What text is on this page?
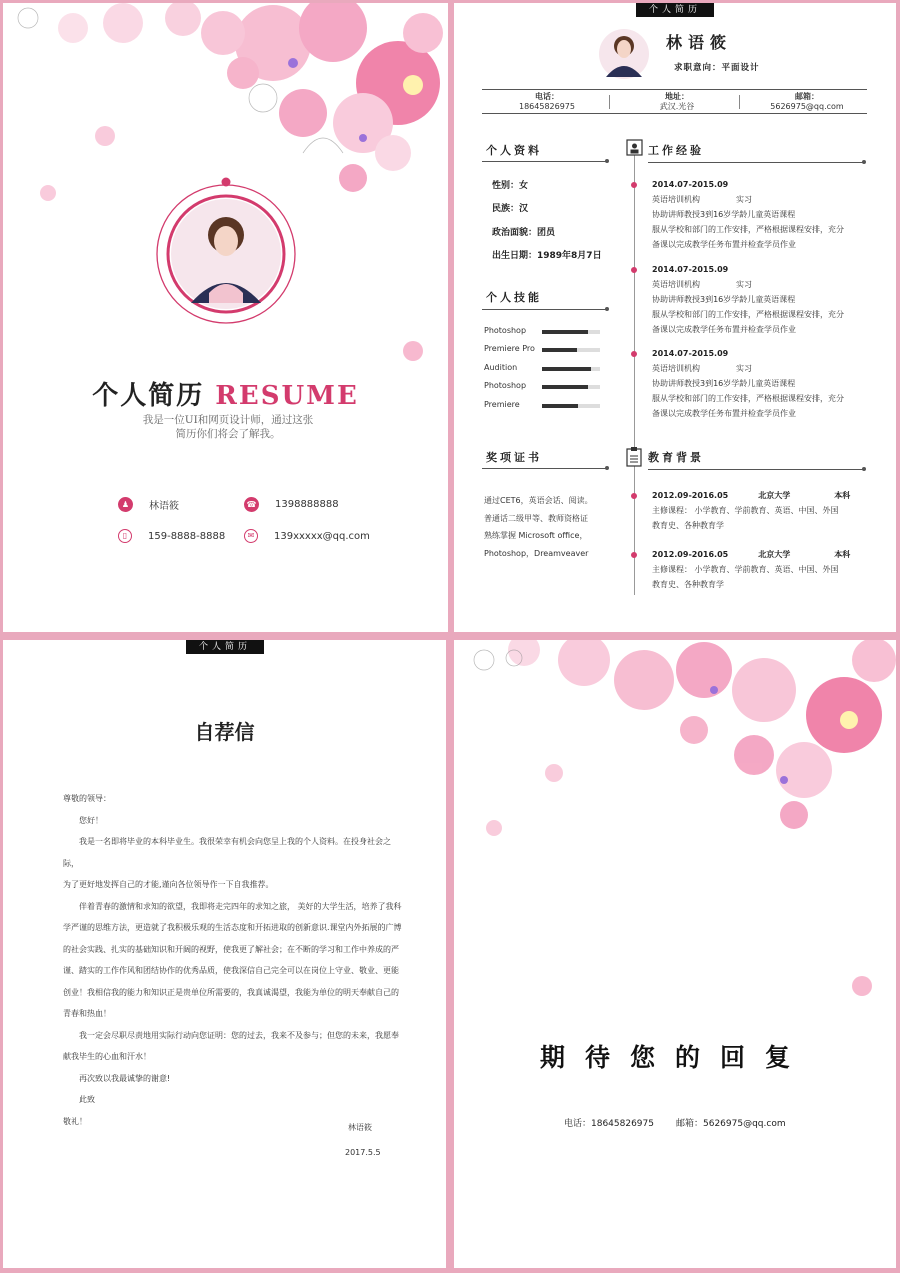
个人简历 RESUME
我是一位UI和网页设计师，通过这张
简历你们将会了解我。
♟	林语筱	☎ 1398888888
▯	159-8888-8888	✉	139xxxxx@qq.com
个人简历
林语筱
求职意向：平面设计
电话：
18645826975
地址：
武汉.光谷
邮箱：
5626975@qq.com
个人资料
性别：女
民族：汉
政治面貌：团员
出生日期：1989年8月7日
个人技能
奖项证书
通过CET6，英语会话、阅读。
普通话二级甲等、教师资格证
熟练掌握 Microsoft office，
Photoshop，Dreamveaver
工作经验
2014.07-2015.09
英语培训机构	实习
协助讲师教授3到16岁学龄儿童英语课程
服从学校和部门的工作安排，严格根据课程安排，充分
备课以完成教学任务布置并检查学员作业
2014.07-2015.09
英语培训机构	实习
协助讲师教授3到16岁学龄儿童英语课程
服从学校和部门的工作安排，严格根据课程安排，充分
备课以完成教学任务布置并检查学员作业
2014.07-2015.09
英语培训机构	实习
协助讲师教授3到16岁学龄儿童英语课程
服从学校和部门的工作安排，严格根据课程安排，充分
备课以完成教学任务布置并检查学员作业
教育背景
2012.09-2016.05	北京大学	本科
主修课程： 小学教育、学前教育、英语、中国、外国
教育史、各种教育学
2012.09-2016.05	北京大学	本科
主修课程： 小学教育、学前教育、英语、中国、外国
教育史、各种教育学
Photoshop
Premiere Pro
Audition
Photoshop
Premiere
个人简历
自荐信

尊敬的领导：

您好！

我是一名即将毕业的本科毕业生。我很荣幸有机会向您呈上我的个人资料。在投身社会之际，

为了更好地发挥自己的才能,谨向各位领导作一下自我推荐。

伴着青春的激情和求知的欲望，我即将走完四年的求知之旅， 美好的大学生活，培养了我科

学严谨的思维方法，更造就了我积极乐观的生活态度和开拓进取的创新意识.课堂内外拓展的广博

的社会实践、扎实的基础知识和开阔的视野，使我更了解社会；在不断的学习和工作中养成的严

谨、踏实的工作作风和团结协作的优秀品质，使我深信自己完全可以在岗位上守业、敬业、更能

创业！我相信我的能力和知识正是贵单位所需要的，我真诚渴望，我能为单位的明天奉献自己的

青春和热血！

我一定会尽职尽责地用实际行动向您证明：您的过去，我来不及参与；但您的未来，我愿奉

献我毕生的心血和汗水！

再次致以我最诚挚的谢意!

此致

敬礼！

林语筱
2017.5.5
期待您的回复
电话：18645826975 邮箱：5626975@qq.com
